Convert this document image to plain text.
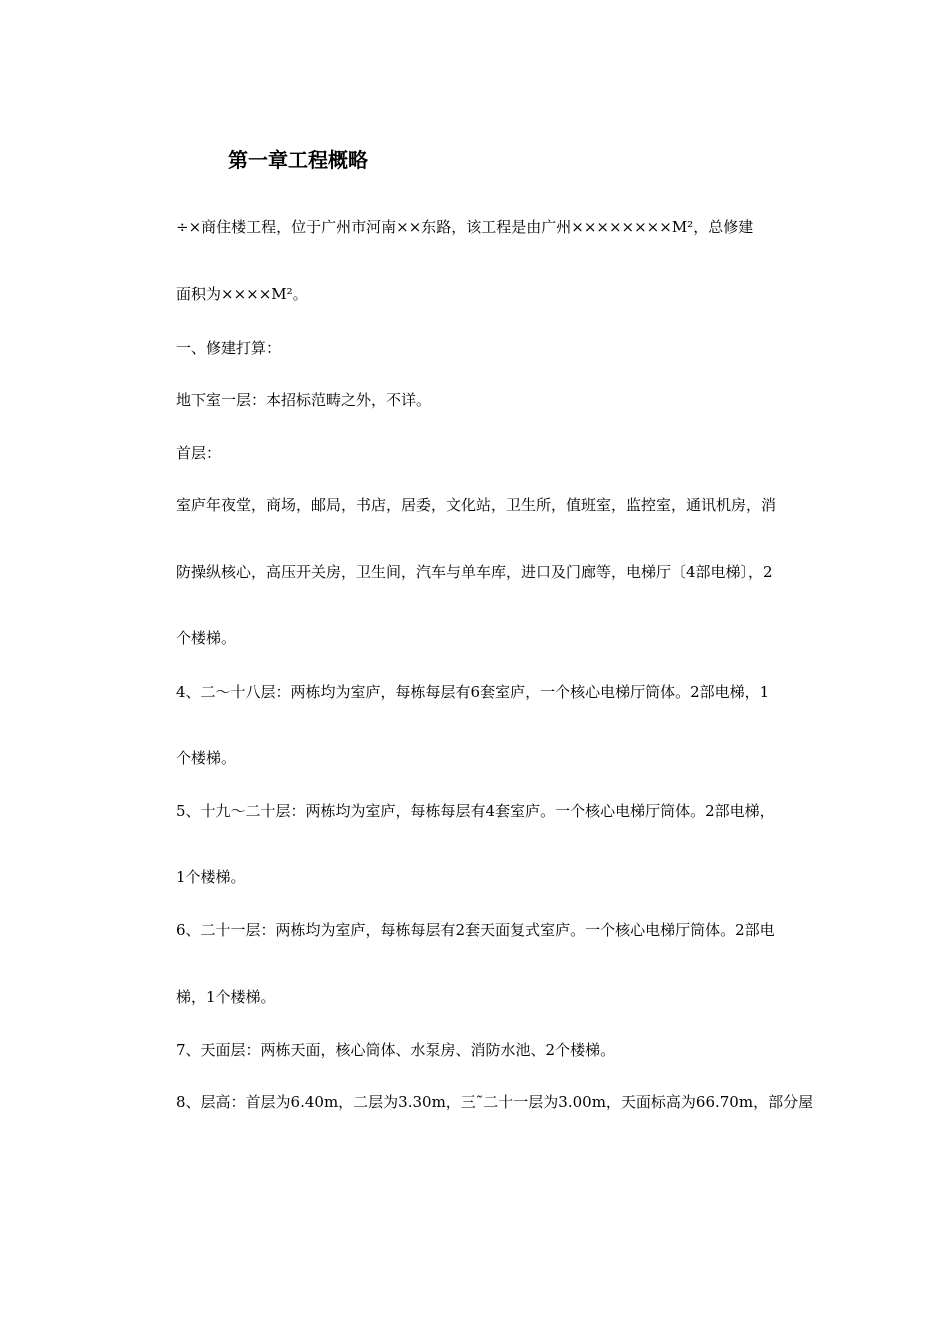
第一章工程概略
÷×商住楼工程，位于广州市河南××东路，该工程是由广州××××××××M²，总修建
面积为××××M²。
一、修建打算：
地下室一层：本招标范畴之外，不详。
首层：
室庐年夜堂，商场，邮局，书店，居委，文化站，卫生所，值班室，监控室，通讯机房，消
防操纵核心，高压开关房，卫生间，汽车与单车库，进口及门廊等，电梯厅〔4部电梯〕，2
个楼梯。
4、二～十八层：两栋均为室庐，每栋每层有6套室庐，一个核心电梯厅筒体。2部电梯，1
个楼梯。
5、十九～二十层：两栋均为室庐，每栋每层有4套室庐。一个核心电梯厅筒体。2部电梯，
1个楼梯。
6、二十一层：两栋均为室庐，每栋每层有2套天面复式室庐。一个核心电梯厅筒体。2部电
梯，1个楼梯。
7、天面层：两栋天面，核心筒体、水泵房、消防水池、2个楼梯。
8、层高：首层为6.40m，二层为3.30m，三˜二十一层为3.00m，天面标高为66.70m，部分屋
